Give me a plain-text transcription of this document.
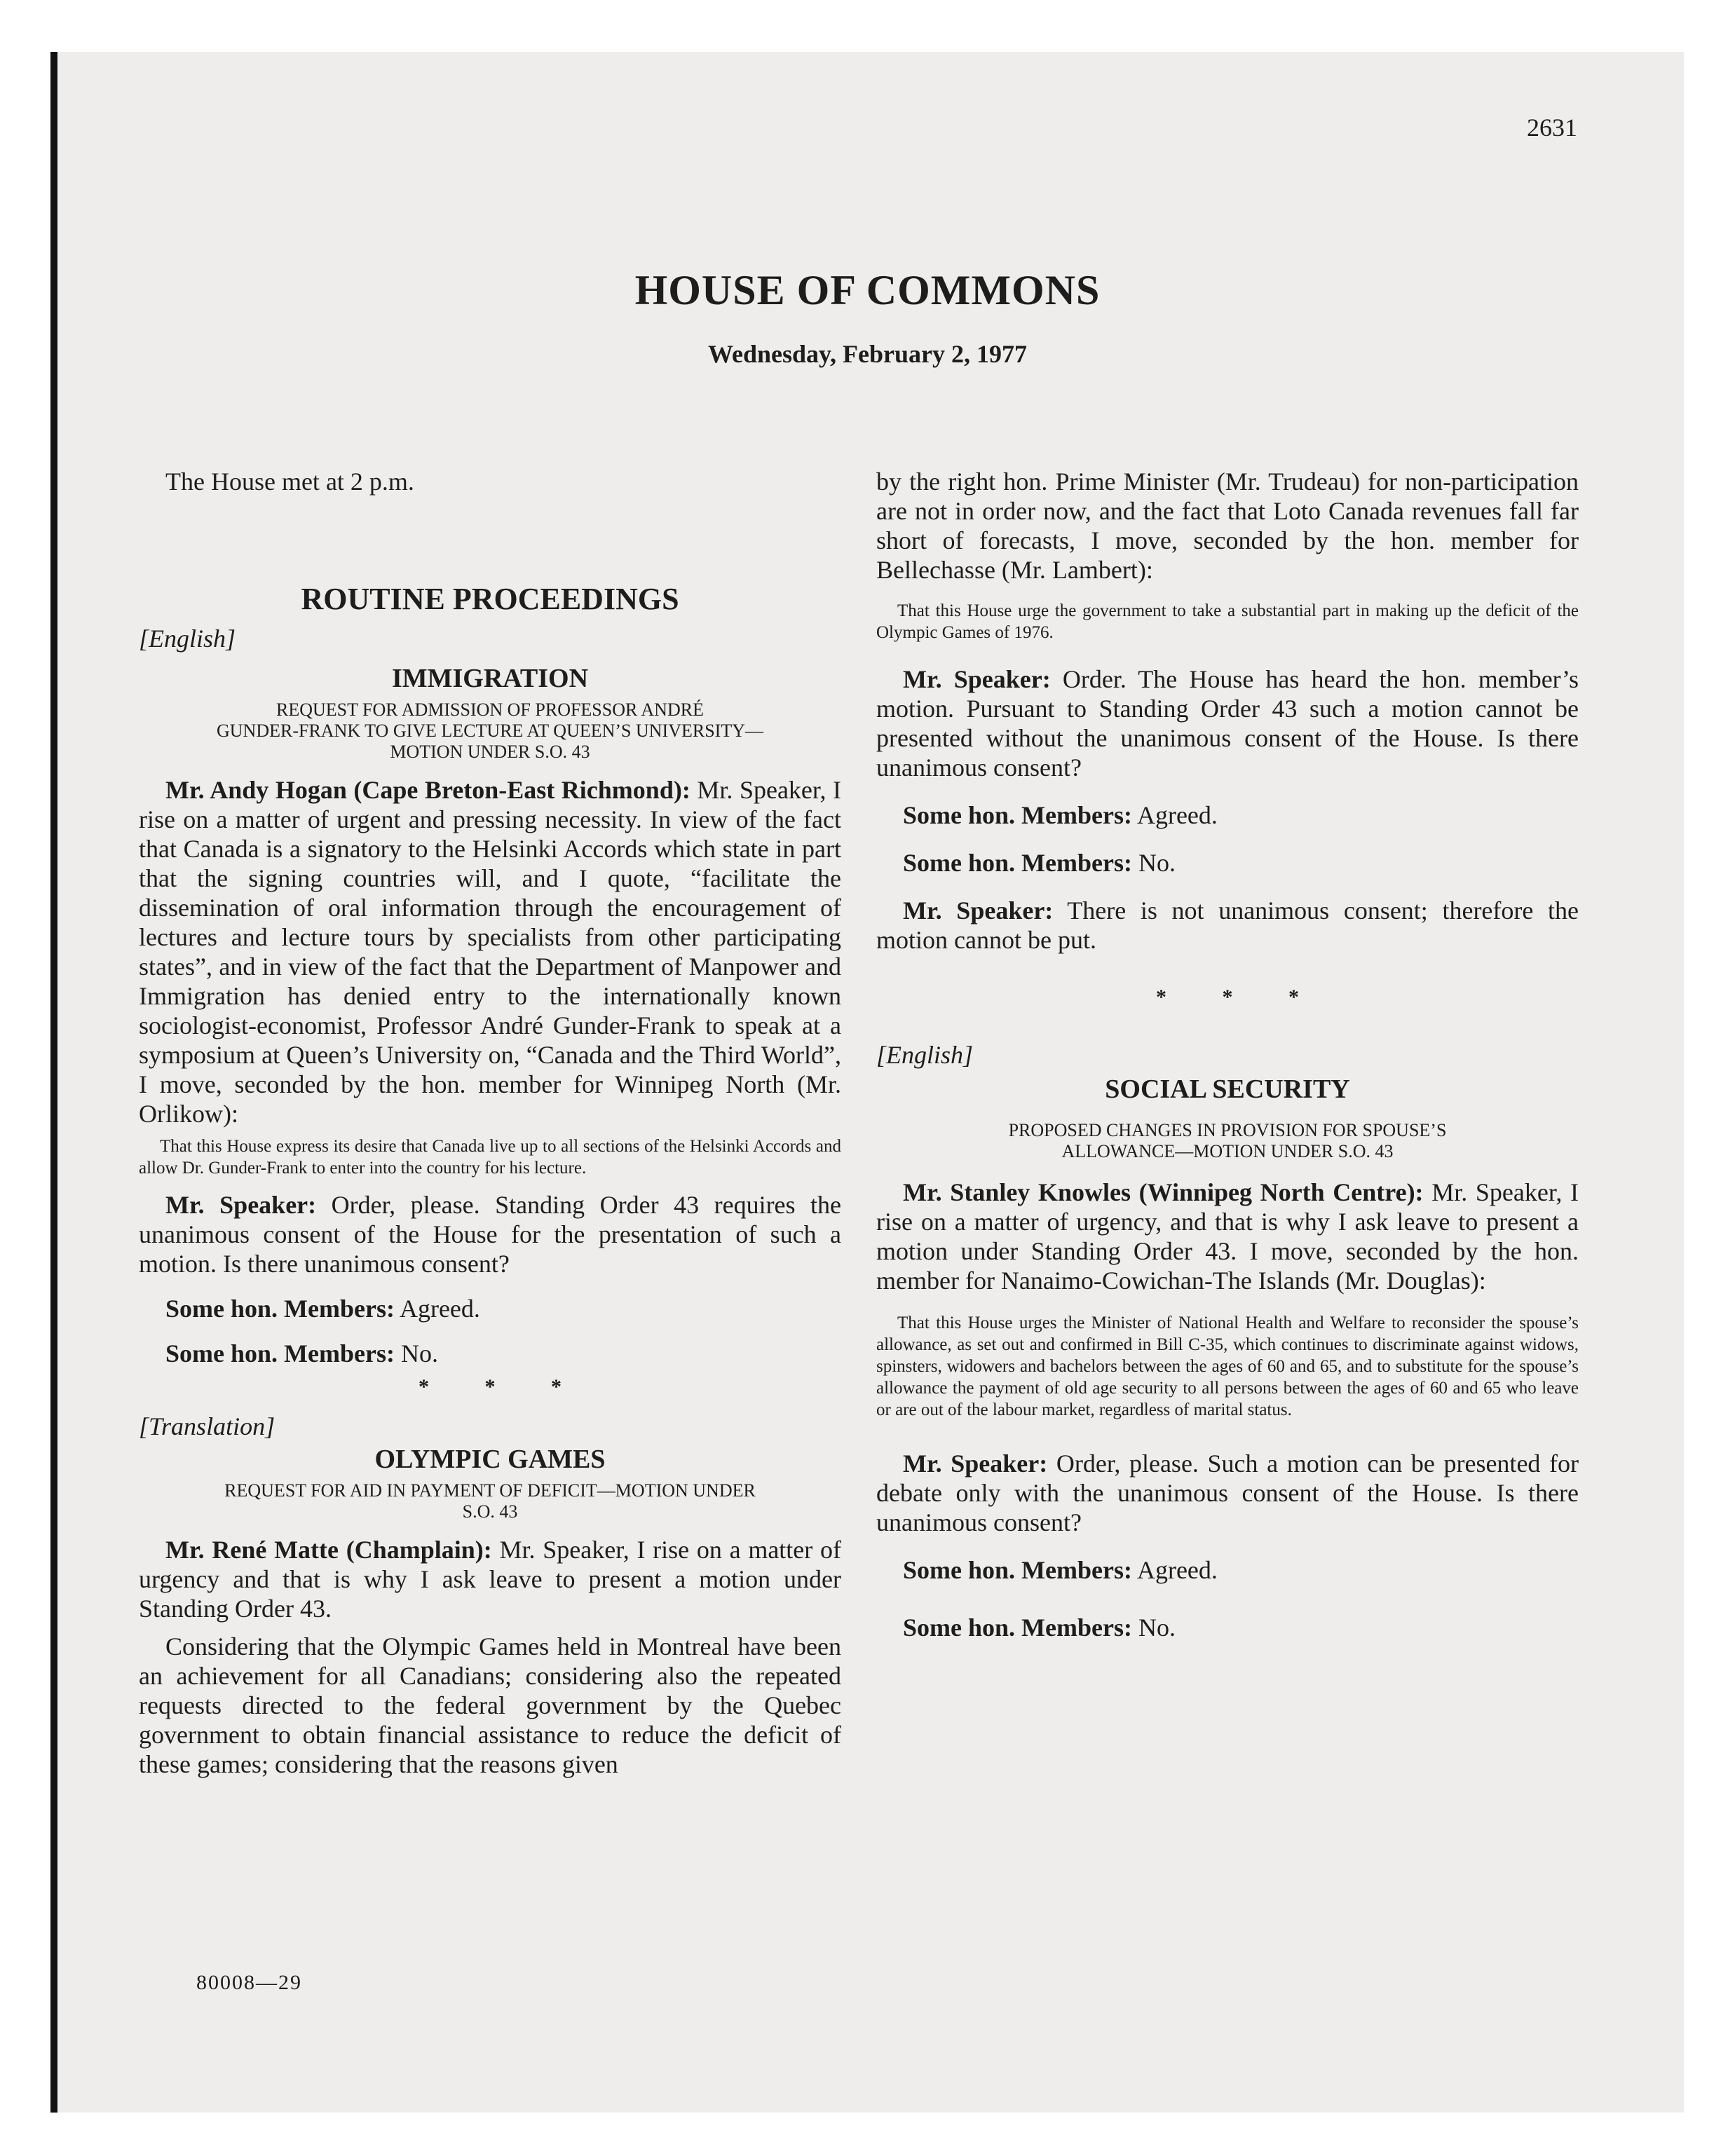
2631
HOUSE OF COMMONS
Wednesday, February 2, 1977

The House met at 2 p.m.

ROUTINE PROCEEDINGS

[English]

IMMIGRATION

REQUEST FOR ADMISSION OF PROFESSOR ANDRÉ

GUNDER-FRANK TO GIVE LECTURE AT QUEEN’S UNIVERSITY—

MOTION UNDER S.O. 43

Mr. Andy Hogan (Cape Breton-East Richmond): Mr. Speaker, I rise on a matter of urgent and pressing necessity. In view of the fact that Canada is a signatory to the Helsinki Accords which state in part that the signing countries will, and I quote, “facilitate the dissemination of oral information through the encouragement of lectures and lecture tours by specialists from other participating states”, and in view of the fact that the Department of Manpower and Immigration has denied entry to the internationally known sociologist-economist, Professor André Gunder-Frank to speak at a symposium at Queen’s University on, “Canada and the Third World”, I move, seconded by the hon. member for Winnipeg North (Mr. Orlikow):

That this House express its desire that Canada live up to all sections of the Helsinki Accords and allow Dr. Gunder-Frank to enter into the country for his lecture.

Mr. Speaker: Order, please. Standing Order 43 requires the unanimous consent of the House for the presentation of such a motion. Is there unanimous consent?

Some hon. Members: Agreed.

Some hon. Members: No.

* * *

[Translation]

OLYMPIC GAMES

REQUEST FOR AID IN PAYMENT OF DEFICIT—MOTION UNDER

S.O. 43

Mr. René Matte (Champlain): Mr. Speaker, I rise on a matter of urgency and that is why I ask leave to present a motion under Standing Order 43.

Considering that the Olympic Games held in Montreal have been an achievement for all Canadians; considering also the repeated requests directed to the federal government by the Quebec government to obtain financial assistance to reduce the deficit of these games; considering that the reasons given

by the right hon. Prime Minister (Mr. Trudeau) for non-participation are not in order now, and the fact that Loto Canada revenues fall far short of forecasts, I move, seconded by the hon. member for Bellechasse (Mr. Lambert):

That this House urge the government to take a substantial part in making up the deficit of the Olympic Games of 1976.

Mr. Speaker: Order. The House has heard the hon. member’s motion. Pursuant to Standing Order 43 such a motion cannot be presented without the unanimous consent of the House. Is there unanimous consent?

Some hon. Members: Agreed.

Some hon. Members: No.

Mr. Speaker: There is not unanimous consent; therefore the motion cannot be put.

* * *

[English]

SOCIAL SECURITY

PROPOSED CHANGES IN PROVISION FOR SPOUSE’S

ALLOWANCE—MOTION UNDER S.O. 43

Mr. Stanley Knowles (Winnipeg North Centre): Mr. Speaker, I rise on a matter of urgency, and that is why I ask leave to present a motion under Standing Order 43. I move, seconded by the hon. member for Nanaimo-Cowichan-The Islands (Mr. Douglas):

That this House urges the Minister of National Health and Welfare to reconsider the spouse’s allowance, as set out and confirmed in Bill C-35, which continues to discriminate against widows, spinsters, widowers and bachelors between the ages of 60 and 65, and to substitute for the spouse’s allowance the payment of old age security to all persons between the ages of 60 and 65 who leave or are out of the labour market, regardless of marital status.

Mr. Speaker: Order, please. Such a motion can be presented for debate only with the unanimous consent of the House. Is there unanimous consent?

Some hon. Members: Agreed.

Some hon. Members: No.

80008—29
